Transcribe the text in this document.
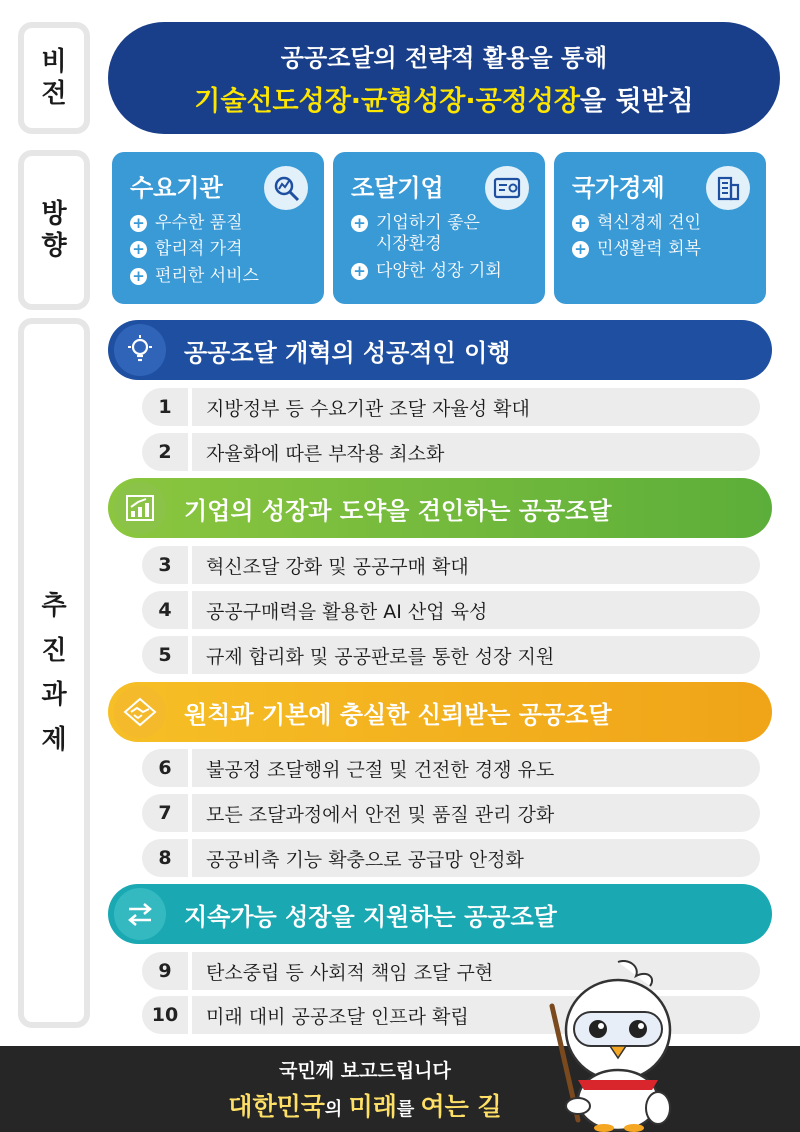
비
전
방
향
추
진
과
제
공공조달의 전략적 활용을 통해
기술선도성장·균형성장·공정성장을 뒷받침
수요기관
+ 우수한 품질
+ 합리적 가격
+ 편리한 서비스
조달기업
+ 기업하기 좋은
시장환경
+ 다양한 성장 기회
국가경제
+ 혁신경제 견인
+ 민생활력 회복
공공조달 개혁의 성공적인 이행
1	지방정부 등 수요기관 조달 자율성 확대
2	자율화에 따른 부작용 최소화
기업의 성장과 도약을 견인하는 공공조달
3	혁신조달 강화 및 공공구매 확대
4	공공구매력을 활용한 AI 산업 육성
5	규제 합리화 및 공공판로를 통한 성장 지원
원칙과 기본에 충실한 신뢰받는 공공조달
6	불공정 조달행위 근절 및 건전한 경쟁 유도
7	모든 조달과정에서 안전 및 품질 관리 강화
8	공공비축 기능 확충으로 공급망 안정화
지속가능 성장을 지원하는 공공조달
9	탄소중립 등 사회적 책임 조달 구현
10	미래 대비 공공조달 인프라 확립
국민께 보고드립니다
대한민국의 미래를 여는 길
